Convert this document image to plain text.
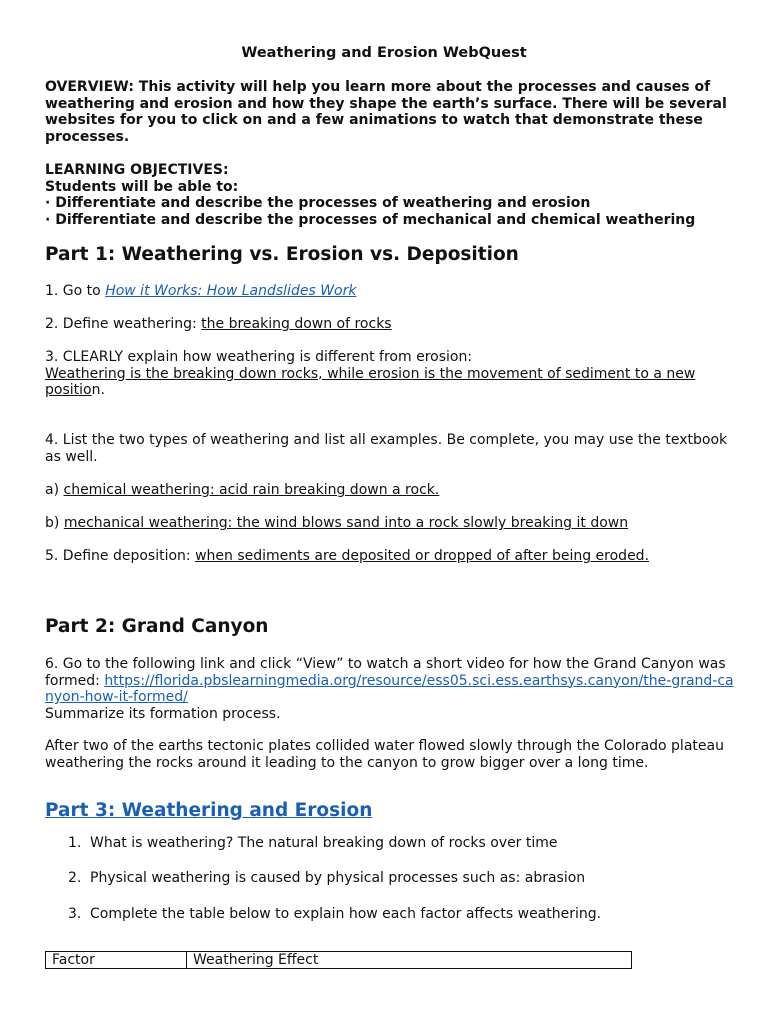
Weathering and Erosion WebQuest
OVERVIEW: This activity will help you learn more about the processes and causes of weathering and erosion and how they shape the earth’s surface. There will be several websites for you to click on and a few animations to watch that demonstrate these processes.
LEARNING OBJECTIVES:
Students will be able to:
· Differentiate and describe the processes of weathering and erosion
· Differentiate and describe the processes of mechanical and chemical weathering
Part 1: Weathering vs. Erosion vs. Deposition
1. Go to How it Works: How Landslides Work
2. Define weathering: the breaking down of rocks
3. CLEARLY explain how weathering is different from erosion:
Weathering is the breaking down rocks, while erosion is the movement of sediment to a new
position.
4. List the two types of weathering and list all examples. Be complete, you may use the textbook as well.
a) chemical weathering: acid rain breaking down a rock.
b) mechanical weathering: the wind blows sand into a rock slowly breaking it down
5. Define deposition: when sediments are deposited or dropped of after being eroded.
Part 2: Grand Canyon
6. Go to the following link and click “View” to watch a short video for how the Grand Canyon was formed: https://florida.pbslearningmedia.org/resource/ess05.sci.ess.earthsys.canyon/the-grand-canyon-how-it-formed/
Summarize its formation process.
After two of the earths tectonic plates collided water flowed slowly through the Colorado plateau weathering the rocks around it leading to the canyon to grow bigger over a long time.
Part 3: Weathering and Erosion
1. What is weathering? The natural breaking down of rocks over time
2. Physical weathering is caused by physical processes such as: abrasion
3. Complete the table below to explain how each factor affects weathering.
Factor	Weathering Effect
